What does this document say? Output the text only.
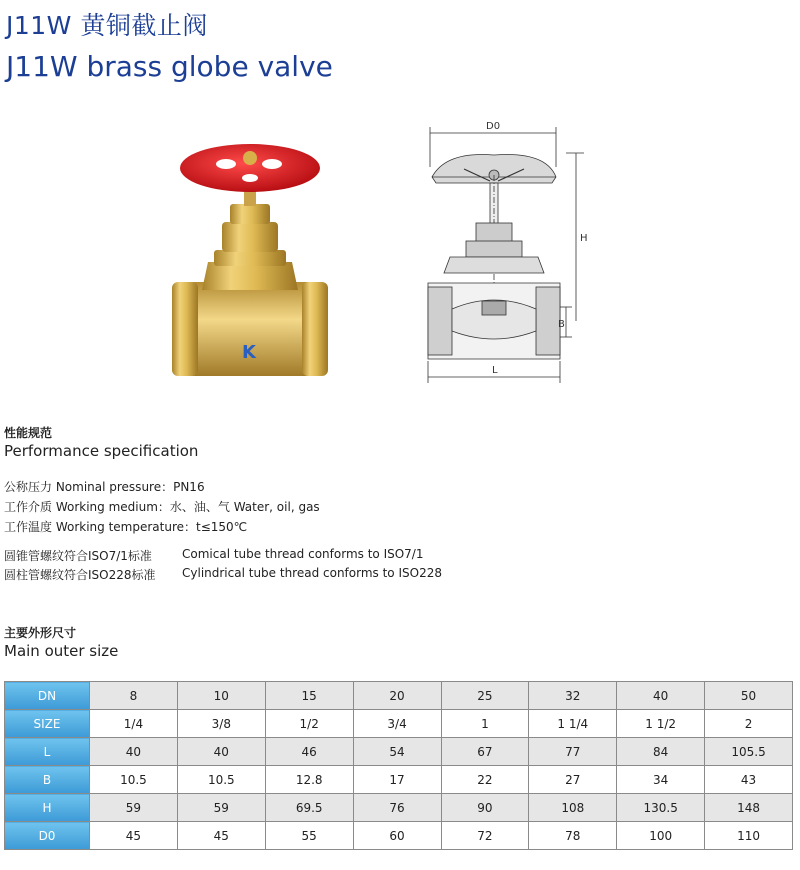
J11W 黄铜截止阀
J11W brass globe valve
K
D0
H
B
L
性能规范
Performance specification
公称压力 Nominal pressure：PN16
工作介质 Working medium：水、油、气 Water, oil, gas
工作温度 Working temperature：t≤150℃
圆锥管螺纹符合ISO7/1标准	Comical tube thread conforms to ISO7/1
圆柱管螺纹符合ISO228标准 Cylindrical tube thread conforms to ISO228
主要外形尺寸
Main outer size
DN	8	10	15	20	25	32	40	50
SIZE	1/4	3/8	1/2	3/4	1	1 1/4	1 1/2	2
L	40	40	46	54	67	77	84	105.5
B	10.5	10.5	12.8	17	22	27	34	43
H	59	59	69.5	76	90	108	130.5	148
D0	45	45	55	60	72	78	100	110
